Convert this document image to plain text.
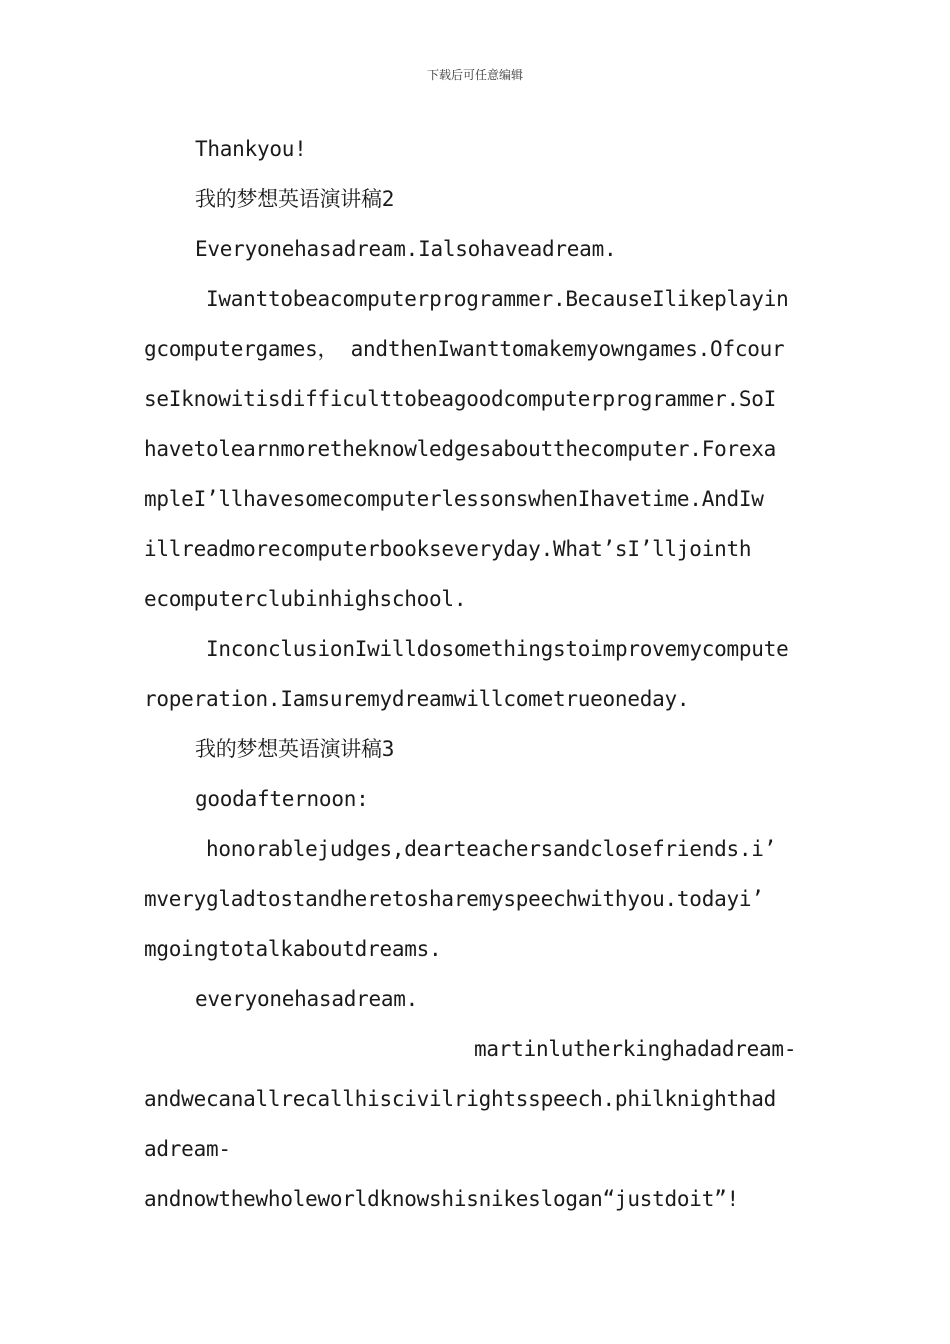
下载后可任意编辑
Thankyou!
我的梦想英语演讲稿2
Everyonehasadream.Ialsohaveadream.
Iwanttobeacomputerprogrammer.BecauseIlikeplayin
gcomputergames， andthenIwanttomakemyowngames.Ofcour
seIknowitisdifficulttobeagoodcomputerprogrammer.SoI
havetolearnmoretheknowledgesaboutthecomputer.Forexa
mpleI’llhavesomecomputerlessonswhenIhavetime.AndIw
illreadmorecomputerbookseveryday.What’sI’lljointh
ecomputerclubinhighschool.
InconclusionIwilldosomethingstoimprovemycompute
roperation.Iamsuremydreamwillcometrueoneday.
我的梦想英语演讲稿3
goodafternoon:
honorablejudges,dearteachersandclosefriends.i’
mverygladtostandheretosharemyspeechwithyou.todayi’
mgoingtotalkaboutdreams.
everyonehasadream.
martinlutherkinghadadream-
andwecanallrecallhiscivilrightsspeech.philknighthad
adream-
andnowthewholeworldknowshisnikeslogan“justdoit”!
